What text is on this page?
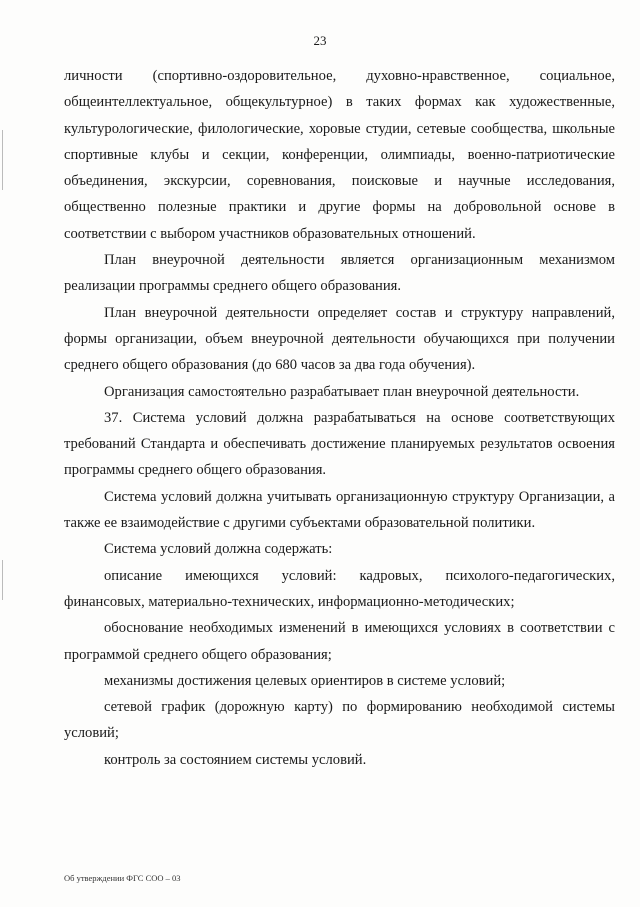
23

личности (спортивно-оздоровительное, духовно-нравственное, социальное, общеинтеллектуальное, общекультурное) в таких формах как художественные, культурологические, филологические, хоровые студии, сетевые сообщества, школьные спортивные клубы и секции, конференции, олимпиады, военно-патриотические объединения, экскурсии, соревнования, поисковые и научные исследования, общественно полезные практики и другие формы на добровольной основе в соответствии с выбором участников образовательных отношений.

План внеурочной деятельности является организационным механизмом реализации программы среднего общего образования.

План внеурочной деятельности определяет состав и структуру направлений, формы организации, объем внеурочной деятельности обучающихся при получении среднего общего образования (до 680 часов за два года обучения).

Организация самостоятельно разрабатывает план внеурочной деятельности.

37. Система условий должна разрабатываться на основе соответствующих требований Стандарта и обеспечивать достижение планируемых результатов освоения программы среднего общего образования.

Система условий должна учитывать организационную структуру Организации, а также ее взаимодействие с другими субъектами образовательной политики.

Система условий должна содержать:

описание имеющихся условий: кадровых, психолого-педагогических, финансовых, материально-технических, информационно-методических;

обоснование необходимых изменений в имеющихся условиях в соответствии с программой среднего общего образования;

механизмы достижения целевых ориентиров в системе условий;

сетевой график (дорожную карту) по формированию необходимой системы условий;

контроль за состоянием системы условий.

Об утверждении ФГС СОО – 03
